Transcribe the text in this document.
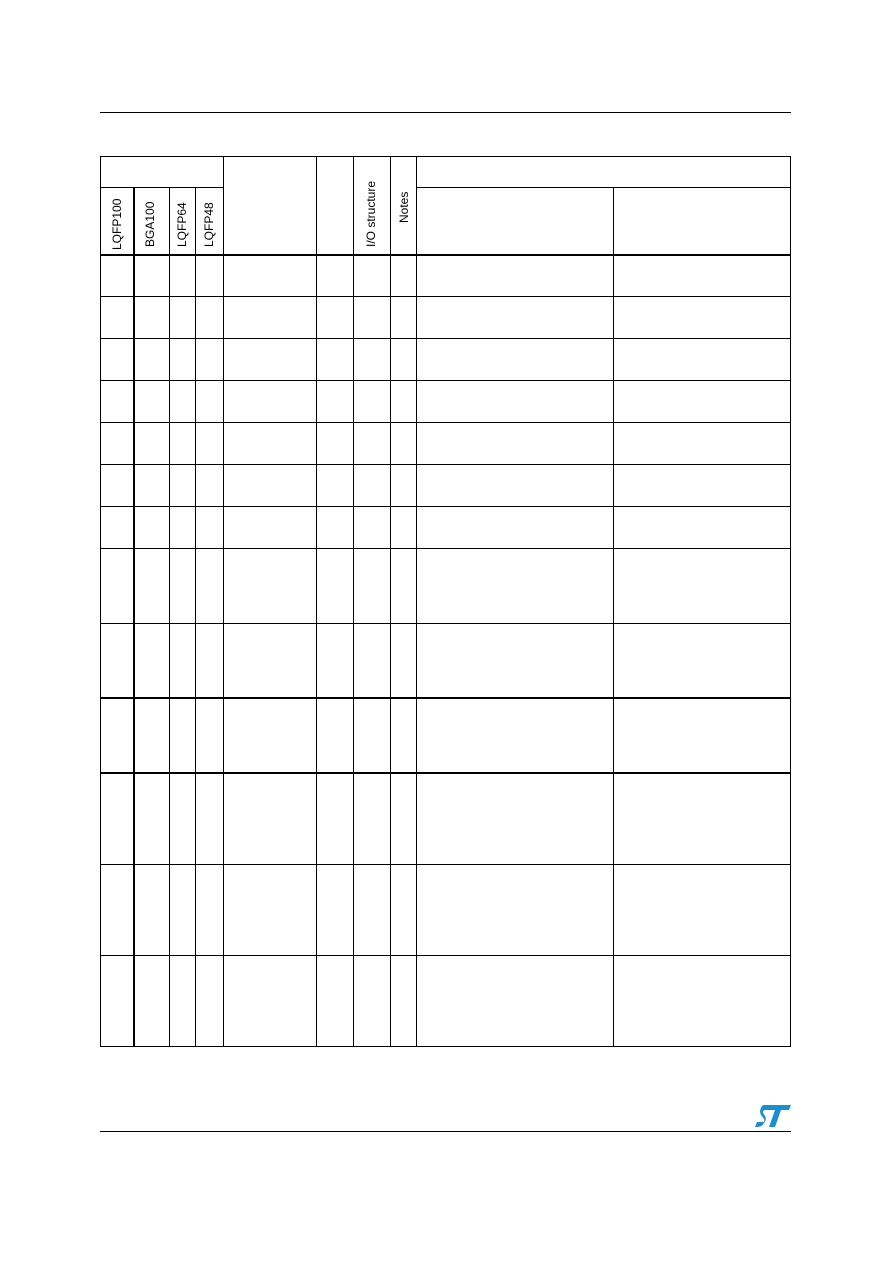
LQFP100 BGA100 LQFP64 LQFP48	I/O structure Notes
